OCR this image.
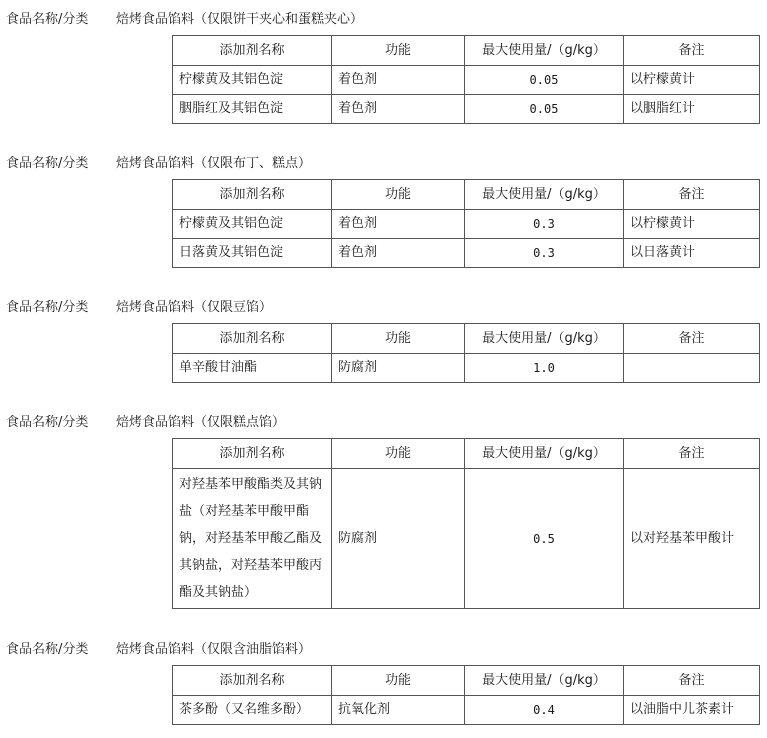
食品名称/分类 焙烤食品馅料（仅限饼干夹心和蛋糕夹心）
添加剂名称	功能	最大使用量/（g/kg）	备注
柠檬黄及其铝色淀	着色剂	0.05	以柠檬黄计
胭脂红及其铝色淀	着色剂	0.05	以胭脂红计
食品名称/分类 焙烤食品馅料（仅限布丁、糕点）
添加剂名称	功能	最大使用量/（g/kg）	备注
柠檬黄及其铝色淀	着色剂	0.3	以柠檬黄计
日落黄及其铝色淀	着色剂	0.3	以日落黄计
食品名称/分类 焙烤食品馅料（仅限豆馅）
添加剂名称	功能	最大使用量/（g/kg）	备注
单辛酸甘油酯	防腐剂	1.0	
食品名称/分类 焙烤食品馅料（仅限糕点馅）
添加剂名称	功能	最大使用量/（g/kg）	备注
对羟基苯甲酸酯类及其钠盐（对羟基苯甲酸甲酯钠，对羟基苯甲酸乙酯及其钠盐，对羟基苯甲酸丙酯及其钠盐）	防腐剂	0.5	以对羟基苯甲酸计
食品名称/分类 焙烤食品馅料（仅限含油脂馅料）
添加剂名称	功能	最大使用量/（g/kg）	备注
茶多酚（又名维多酚）	抗氧化剂	0.4	以油脂中儿茶素计
